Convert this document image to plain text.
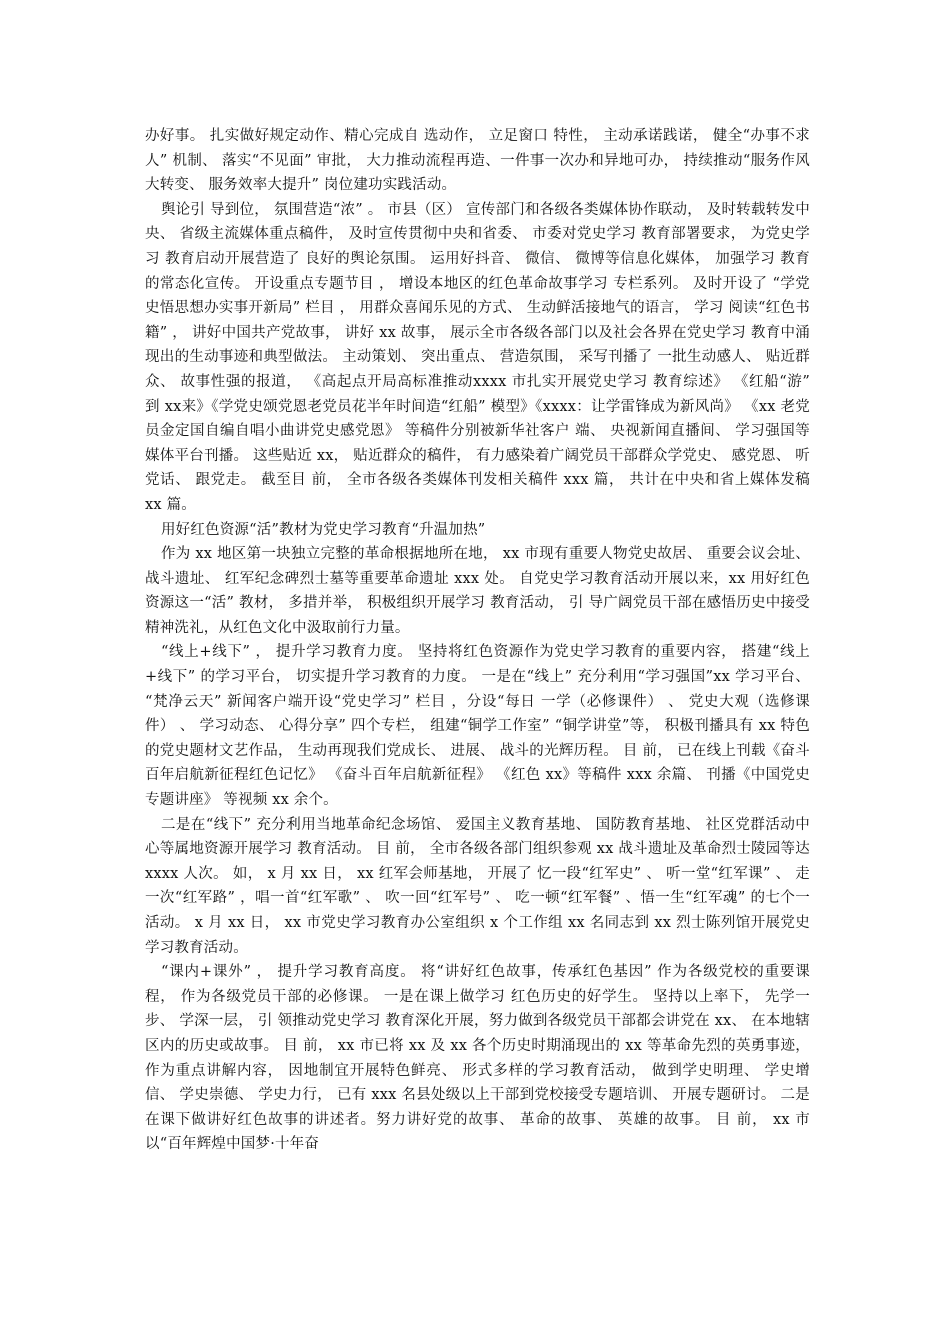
办好事。 扎实做好规定动作、精心完成自 选动作， 立足窗口 特性， 主动承诺践诺， 健全“办事不求人” 机制、 落实“不见面” 审批， 大力推动流程再造、一件事一次办和异地可办， 持续推动“服务作风大转变、 服务效率大提升” 岗位建功实践活动。

舆论引 导到位， 氛围营造“浓” 。 市县（区） 宣传部门和各级各类媒体协作联动， 及时转载转发中央、 省级主流媒体重点稿件， 及时宣传贯彻中央和省委、 市委对党史学习 教育部署要求， 为党史学习 教育启动开展营造了 良好的舆论氛围。 运用好抖音、 微信、 微博等信息化媒体， 加强学习 教育的常态化宣传。 开设重点专题节目 ， 增设本地区的红色革命故事学习 专栏系列。 及时开设了 “学党史悟思想办实事开新局” 栏目 ， 用群众喜闻乐见的方式、 生动鲜活接地气的语言， 学习 阅读“红色书籍” ， 讲好中国共产党故事， 讲好 xx 故事， 展示全市各级各部门以及社会各界在党史学习 教育中涌现出的生动事迹和典型做法。 主动策划、 突出重点、 营造氛围， 采写刊播了 一批生动感人、 贴近群众、 故事性强的报道， 《高起点开局高标准推动xxxx 市扎实开展党史学习 教育综述》 《红船“游” 到 xx来》《学党史颂党恩老党员花半年时间造“红船” 模型》《xxxx：让学雷锋成为新风尚》 《xx 老党员金定国自编自唱小曲讲党史感党恩》 等稿件分别被新华社客户 端、 央视新闻直播间、 学习强国等媒体平台刊播。 这些贴近 xx， 贴近群众的稿件， 有力感染着广阔党员干部群众学党史、 感党恩、 听党话、 跟党走。 截至目 前， 全市各级各类媒体刊发相关稿件 xxx 篇， 共计在中央和省上媒体发稿 xx 篇。

用好红色资源“活”教材为党史学习教育“升温加热”

作为 xx 地区第一块独立完整的革命根据地所在地， xx 市现有重要人物党史故居、 重要会议会址、 战斗遗址、 红军纪念碑烈士墓等重要革命遗址 xxx 处。 自党史学习教育活动开展以来，xx 用好红色资源这一“活” 教材， 多措并举， 积极组织开展学习 教育活动， 引 导广阔党员干部在感悟历史中接受精神洗礼，从红色文化中汲取前行力量。

“线上+线下” ， 提升学习教育力度。 坚持将红色资源作为党史学习教育的重要内容， 搭建“线上+线下” 的学习平台， 切实提升学习教育的力度。 一是在“线上” 充分利用“学习强国”xx 学习平台、 “梵净云天” 新闻客户端开设“党史学习” 栏目 ，分设“每日 一学（必修课件） 、 党史大观（选修课件） 、 学习动态、 心得分享” 四个专栏， 组建“铜学工作室” “铜学讲堂”等， 积极刊播具有 xx 特色的党史题材文艺作品， 生动再现我们党成长、 进展、 战斗的光辉历程。 目 前， 已在线上刊载《奋斗百年启航新征程红色记忆》 《奋斗百年启航新征程》 《红色 xx》等稿件 xxx 余篇、 刊播《中国党史专题讲座》 等视频 xx 余个。

二是在“线下” 充分利用当地革命纪念场馆、 爱国主义教育基地、 国防教育基地、 社区党群活动中心等属地资源开展学习 教育活动。 目 前， 全市各级各部门组织参观 xx 战斗遗址及革命烈士陵园等达 xxxx 人次。 如， x 月 xx 日， xx 红军会师基地， 开展了 忆一段“红军史” 、 听一堂“红军课” 、 走一次“红军路” ，唱一首“红军歌” 、 吹一回“红军号” 、 吃一顿“红军餐” 、悟一生“红军魂” 的七个一活动。 x 月 xx 日， xx 市党史学习教育办公室组织 x 个工作组 xx 名同志到 xx 烈士陈列馆开展党史学习教育活动。

“课内+课外” ， 提升学习教育高度。 将“讲好红色故事，传承红色基因” 作为各级党校的重要课程， 作为各级党员干部的必修课。 一是在课上做学习 红色历史的好学生。 坚持以上率下， 先学一步、 学深一层， 引 领推动党史学习 教育深化开展，努力做到各级党员干部都会讲党在 xx、 在本地辖区内的历史或故事。 目 前， xx 市已将 xx 及 xx 各个历史时期涌现出的 xx 等革命先烈的英勇事迹， 作为重点讲解内容， 因地制宜开展特色鲜亮、 形式多样的学习教育活动， 做到学史明理、 学史增信、 学史崇德、 学史力行， 已有 xxx 名县处级以上干部到党校接受专题培训、 开展专题研讨。 二是在课下做讲好红色故事的讲述者。努力讲好党的故事、 革命的故事、 英雄的故事。 目 前， xx 市以“百年辉煌中国梦·十年奋
